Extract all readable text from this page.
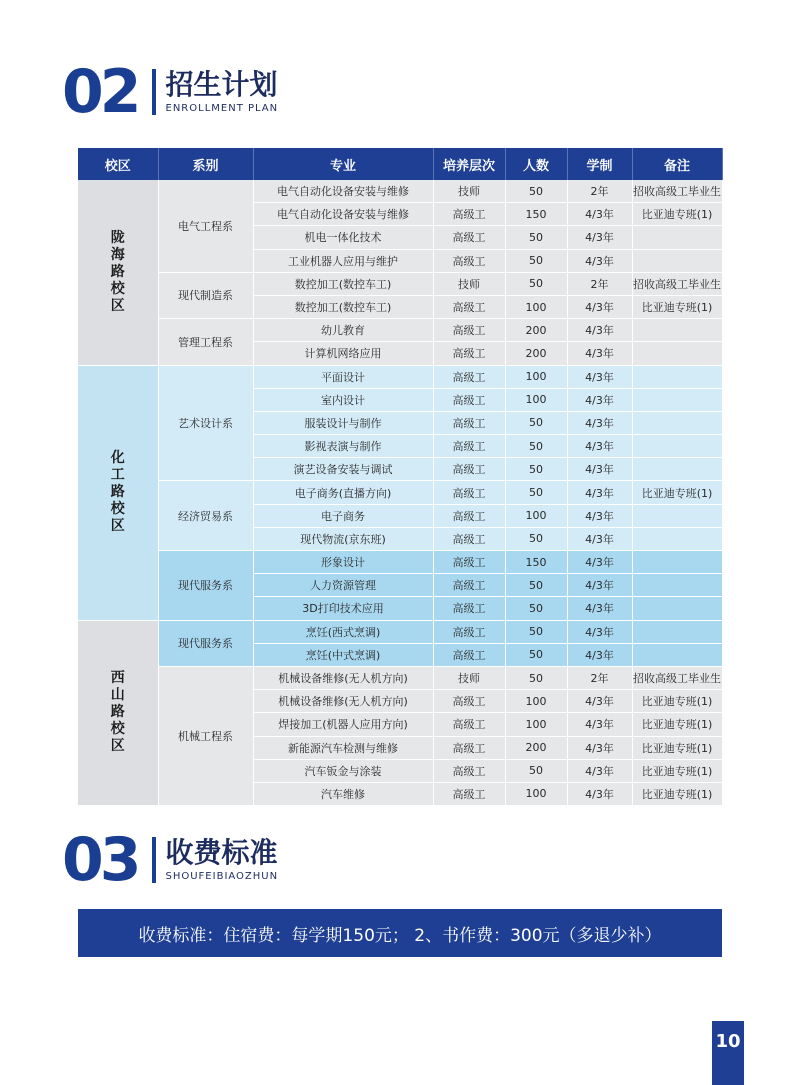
02 招生计划
ENROLLMENT PLAN
校区	系别	专业	培养层次	人数	学制	备注

陇海路校区	电气工程系	电气自动化设备安装与维修	技师	50	2年	招收高级工毕业生
		电气自动化设备安装与维修	高级工	150	4/3年	比亚迪专班(1)
		机电一体化技术	高级工	50	4/3年	
		工业机器人应用与维护	高级工	50	4/3年	
	现代制造系	数控加工(数控车工)	技师	50	2年	招收高级工毕业生
		数控加工(数控车工)	高级工	100	4/3年	比亚迪专班(1)
	管理工程系	幼儿教育	高级工	200	4/3年	
		计算机网络应用	高级工	200	4/3年	

化工路校区	艺术设计系	平面设计	高级工	100	4/3年	
		室内设计	高级工	100	4/3年	
		服装设计与制作	高级工	50	4/3年	
		影视表演与制作	高级工	50	4/3年	
		演艺设备安装与调试	高级工	50	4/3年	
	经济贸易系	电子商务(直播方向)	高级工	50	4/3年	比亚迪专班(1)
		电子商务	高级工	100	4/3年	
		现代物流(京东班)	高级工	50	4/3年	
	现代服务系	形象设计	高级工	150	4/3年	
		人力资源管理	高级工	50	4/3年	
		3D打印技术应用	高级工	50	4/3年	

西山路校区	现代服务系	烹饪(西式烹调)	高级工	50	4/3年	
		烹饪(中式烹调)	高级工	50	4/3年	
	机械工程系	机械设备维修(无人机方向)	技师	50	2年	招收高级工毕业生
		机械设备维修(无人机方向)	高级工	100	4/3年	比亚迪专班(1)
		焊接加工(机器人应用方向)	高级工	100	4/3年	比亚迪专班(1)
		新能源汽车检测与维修	高级工	200	4/3年	比亚迪专班(1)
		汽车钣金与涂装	高级工	50	4/3年	比亚迪专班(1)
		汽车维修	高级工	100	4/3年	比亚迪专班(1)
03 收费标准
SHOUFEIBIAOZHUN
收费标准：住宿费：每学期150元； 2、书作费：300元（多退少补）
10
